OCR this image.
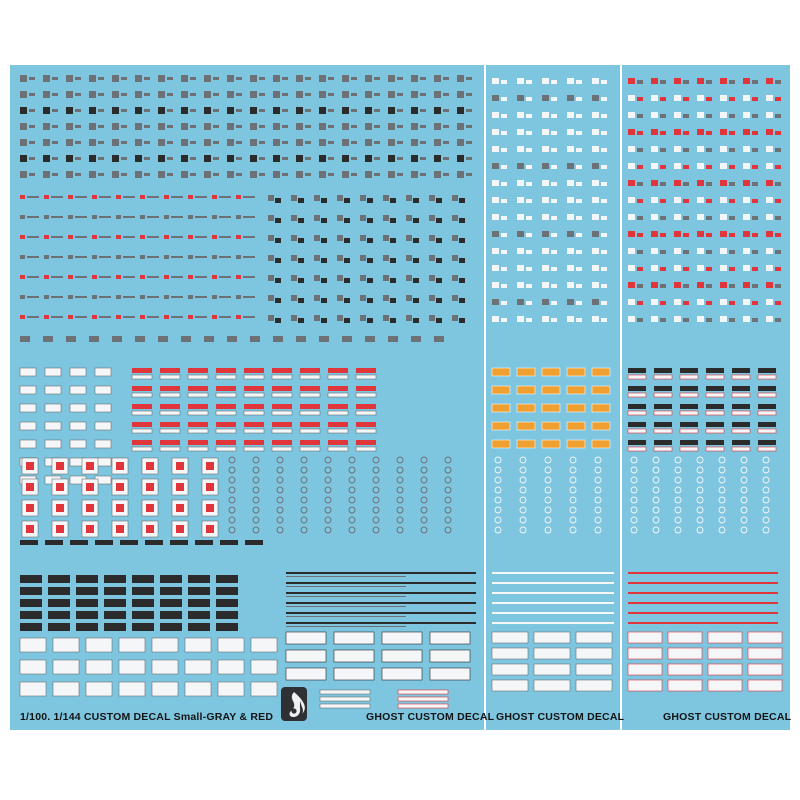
1/100. 1/144 CUSTOM DECAL Small-GRAY & RED	GHOST CUSTOM DECAL GHOST CUSTOM DECAL	GHOST CUSTOM DECAL
